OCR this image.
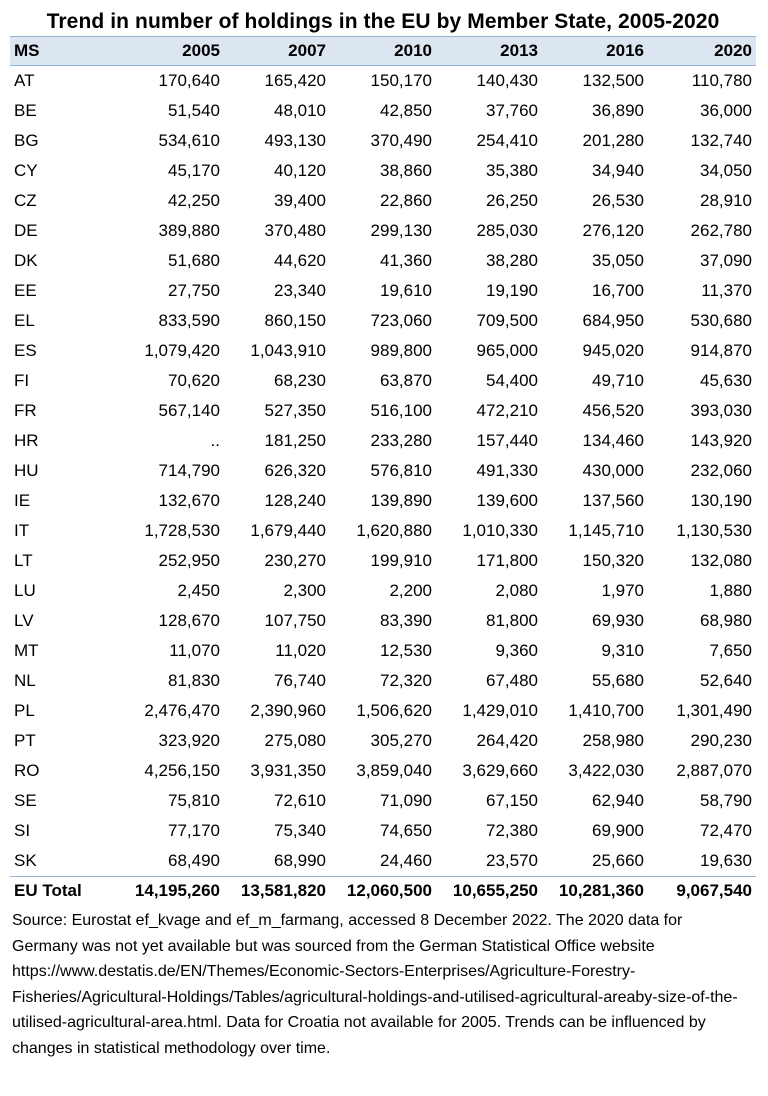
Trend in number of holdings in the EU by Member State, 2005-2020
MS	2005	2007	2010	2013	2016	2020
AT	170,640	165,420	150,170	140,430	132,500	110,780
BE	51,540	48,010	42,850	37,760	36,890	36,000
BG	534,610	493,130	370,490	254,410	201,280	132,740
CY	45,170	40,120	38,860	35,380	34,940	34,050
CZ	42,250	39,400	22,860	26,250	26,530	28,910
DE	389,880	370,480	299,130	285,030	276,120	262,780
DK	51,680	44,620	41,360	38,280	35,050	37,090
EE	27,750	23,340	19,610	19,190	16,700	11,370
EL	833,590	860,150	723,060	709,500	684,950	530,680
ES	1,079,420	1,043,910	989,800	965,000	945,020	914,870
FI	70,620	68,230	63,870	54,400	49,710	45,630
FR	567,140	527,350	516,100	472,210	456,520	393,030
HR	..	181,250	233,280	157,440	134,460	143,920
HU	714,790	626,320	576,810	491,330	430,000	232,060
IE	132,670	128,240	139,890	139,600	137,560	130,190
IT	1,728,530	1,679,440	1,620,880	1,010,330	1,145,710	1,130,530
LT	252,950	230,270	199,910	171,800	150,320	132,080
LU	2,450	2,300	2,200	2,080	1,970	1,880
LV	128,670	107,750	83,390	81,800	69,930	68,980
MT	11,070	11,020	12,530	9,360	9,310	7,650
NL	81,830	76,740	72,320	67,480	55,680	52,640
PL	2,476,470	2,390,960	1,506,620	1,429,010	1,410,700	1,301,490
PT	323,920	275,080	305,270	264,420	258,980	290,230
RO	4,256,150	3,931,350	3,859,040	3,629,660	3,422,030	2,887,070
SE	75,810	72,610	71,090	67,150	62,940	58,790
SI	77,170	75,340	74,650	72,380	69,900	72,470
SK	68,490	68,990	24,460	23,570	25,660	19,630
EU Total	14,195,260	13,581,820	12,060,500	10,655,250	10,281,360	9,067,540
Source: Eurostat ef_kvage and ef_m_farmang, accessed 8 December 2022. The 2020 data for Germany was not yet available but was sourced from the German Statistical Office website https://www.destatis.de/EN/Themes/Economic-Sectors-Enterprises/Agriculture-Forestry-Fisheries/Agricultural-Holdings/Tables/agricultural-holdings-and-utilised-agricultural-areaby-size-of-the-utilised-agricultural-area.html. Data for Croatia not available for 2005. Trends can be influenced by changes in statistical methodology over time.
